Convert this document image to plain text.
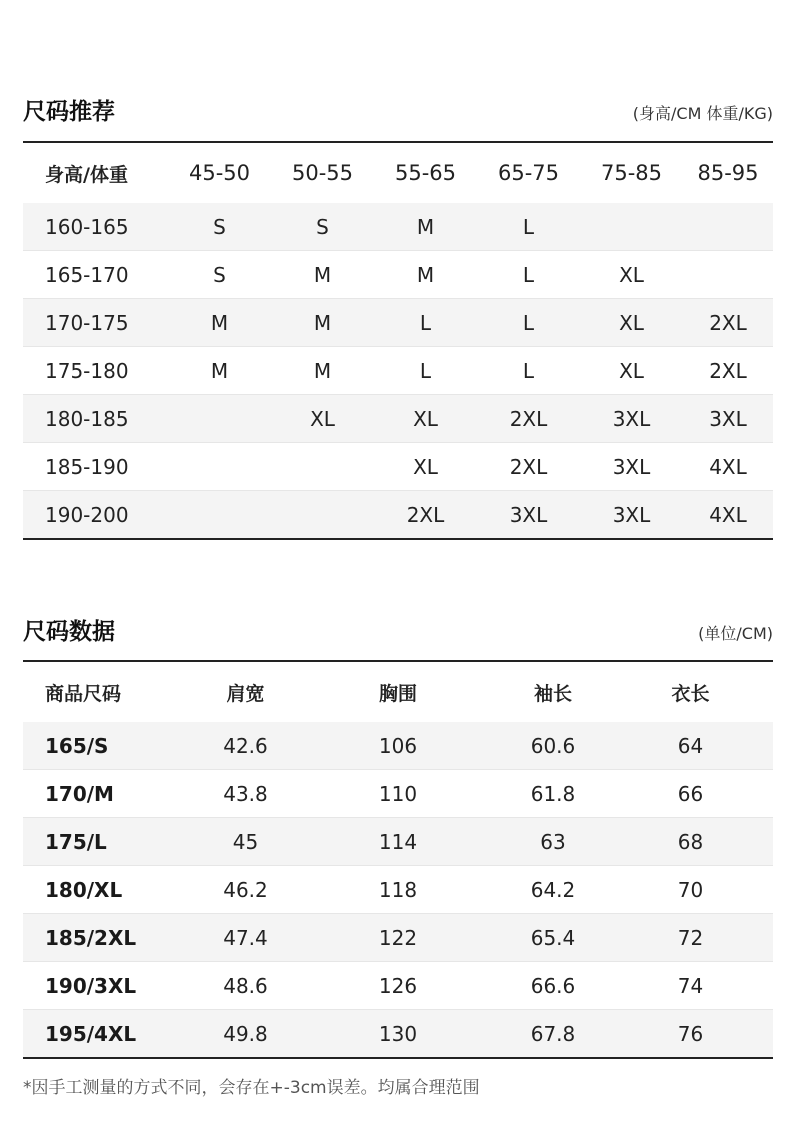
尺码推荐	(身高/CM 体重/KG)
身高/体重	45-50	50-55	55-65	65-75	75-85	85-95
160-165	S	S	M	L		
165-170	S	M	M	L	XL	
170-175	M	M	L	L	XL	2XL
175-180	M	M	L	L	XL	2XL
180-185		XL	XL	2XL	3XL	3XL
185-190			XL	2XL	3XL	4XL
190-200			2XL	3XL	3XL	4XL
尺码数据	(单位/CM)
商品尺码	肩宽	胸围	袖长	衣长
165/S	42.6	106	60.6	64
170/M	43.8	110	61.8	66
175/L	45	114	63	68
180/XL	46.2	118	64.2	70
185/2XL	47.4	122	65.4	72
190/3XL	48.6	126	66.6	74
195/4XL	49.8	130	67.8	76
*因手工测量的方式不同，会存在+-3cm误差。均属合理范围
